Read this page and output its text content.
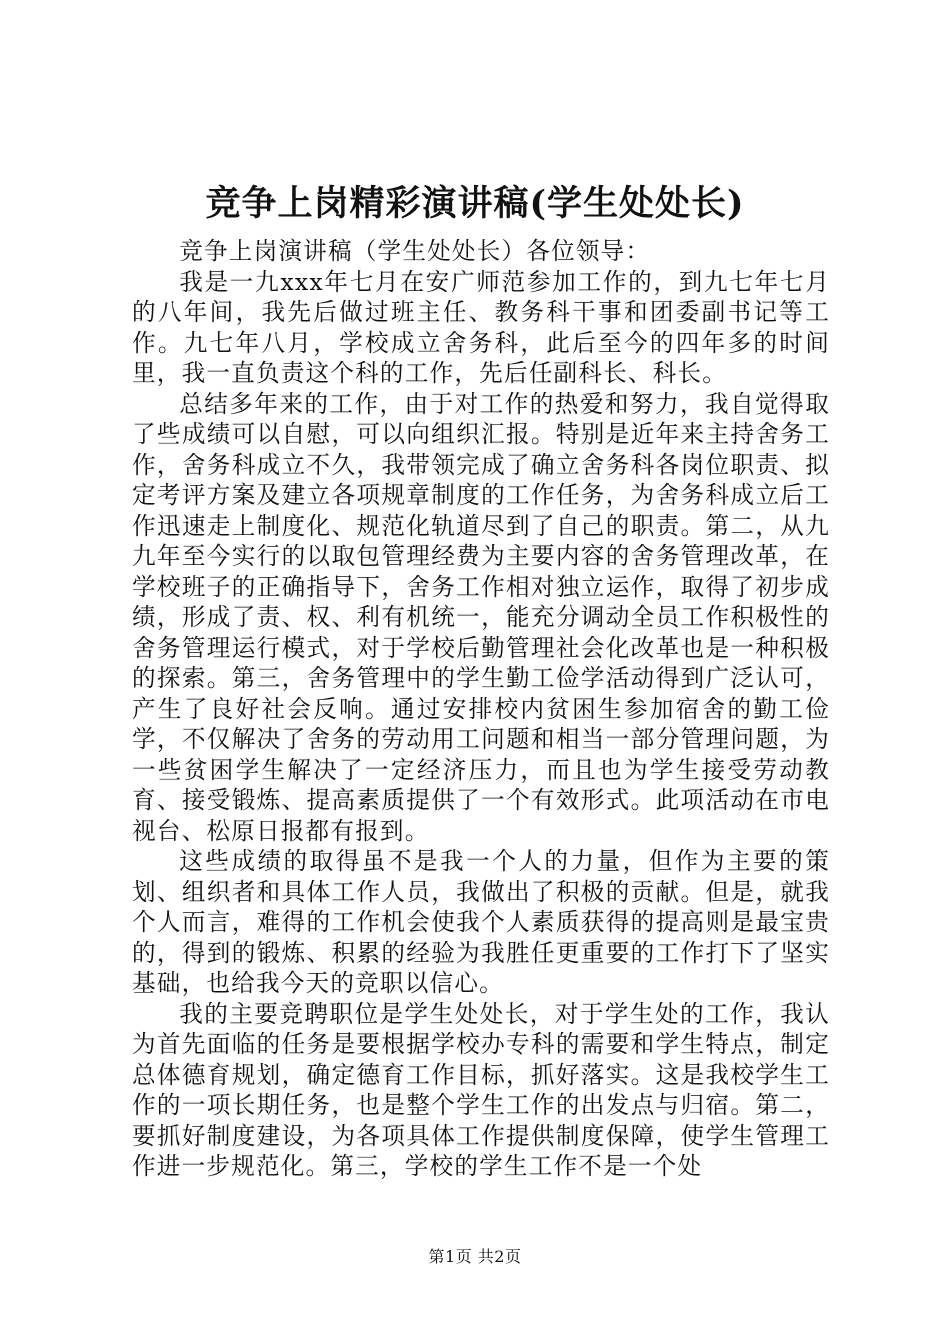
竞争上岗精彩演讲稿(学生处处长)

竞争上岗演讲稿（学生处处长）各位领导：

我是一九xxx年七月在安广师范参加工作的，到九七年七月的八年间，我先后做过班主任、教务科干事和团委副书记等工作。九七年八月，学校成立舍务科，此后至今的四年多的时间里，我一直负责这个科的工作，先后任副科长、科长。

总结多年来的工作，由于对工作的热爱和努力，我自觉得取了些成绩可以自慰，可以向组织汇报。特别是近年来主持舍务工作，舍务科成立不久，我带领完成了确立舍务科各岗位职责、拟定考评方案及建立各项规章制度的工作任务，为舍务科成立后工作迅速走上制度化、规范化轨道尽到了自己的职责。第二，从九九年至今实行的以取包管理经费为主要内容的舍务管理改革，在学校班子的正确指导下，舍务工作相对独立运作，取得了初步成绩，形成了责、权、利有机统一，能充分调动全员工作积极性的舍务管理运行模式，对于学校后勤管理社会化改革也是一种积极的探索。第三，舍务管理中的学生勤工俭学活动得到广泛认可，产生了良好社会反响。通过安排校内贫困生参加宿舍的勤工俭学，不仅解决了舍务的劳动用工问题和相当一部分管理问题，为一些贫困学生解决了一定经济压力，而且也为学生接受劳动教育、接受锻炼、提高素质提供了一个有效形式。此项活动在市电视台、松原日报都有报到。

这些成绩的取得虽不是我一个人的力量，但作为主要的策划、组织者和具体工作人员，我做出了积极的贡献。但是，就我个人而言，难得的工作机会使我个人素质获得的提高则是最宝贵的，得到的锻炼、积累的经验为我胜任更重要的工作打下了坚实基础，也给我今天的竞职以信心。

我的主要竞聘职位是学生处处长，对于学生处的工作，我认为首先面临的任务是要根据学校办专科的需要和学生特点，制定总体德育规划，确定德育工作目标，抓好落实。这是我校学生工作的一项长期任务，也是整个学生工作的出发点与归宿。第二，要抓好制度建设，为各项具体工作提供制度保障，使学生管理工作进一步规范化。第三，学校的学生工作不是一个处

第1页 共2页
